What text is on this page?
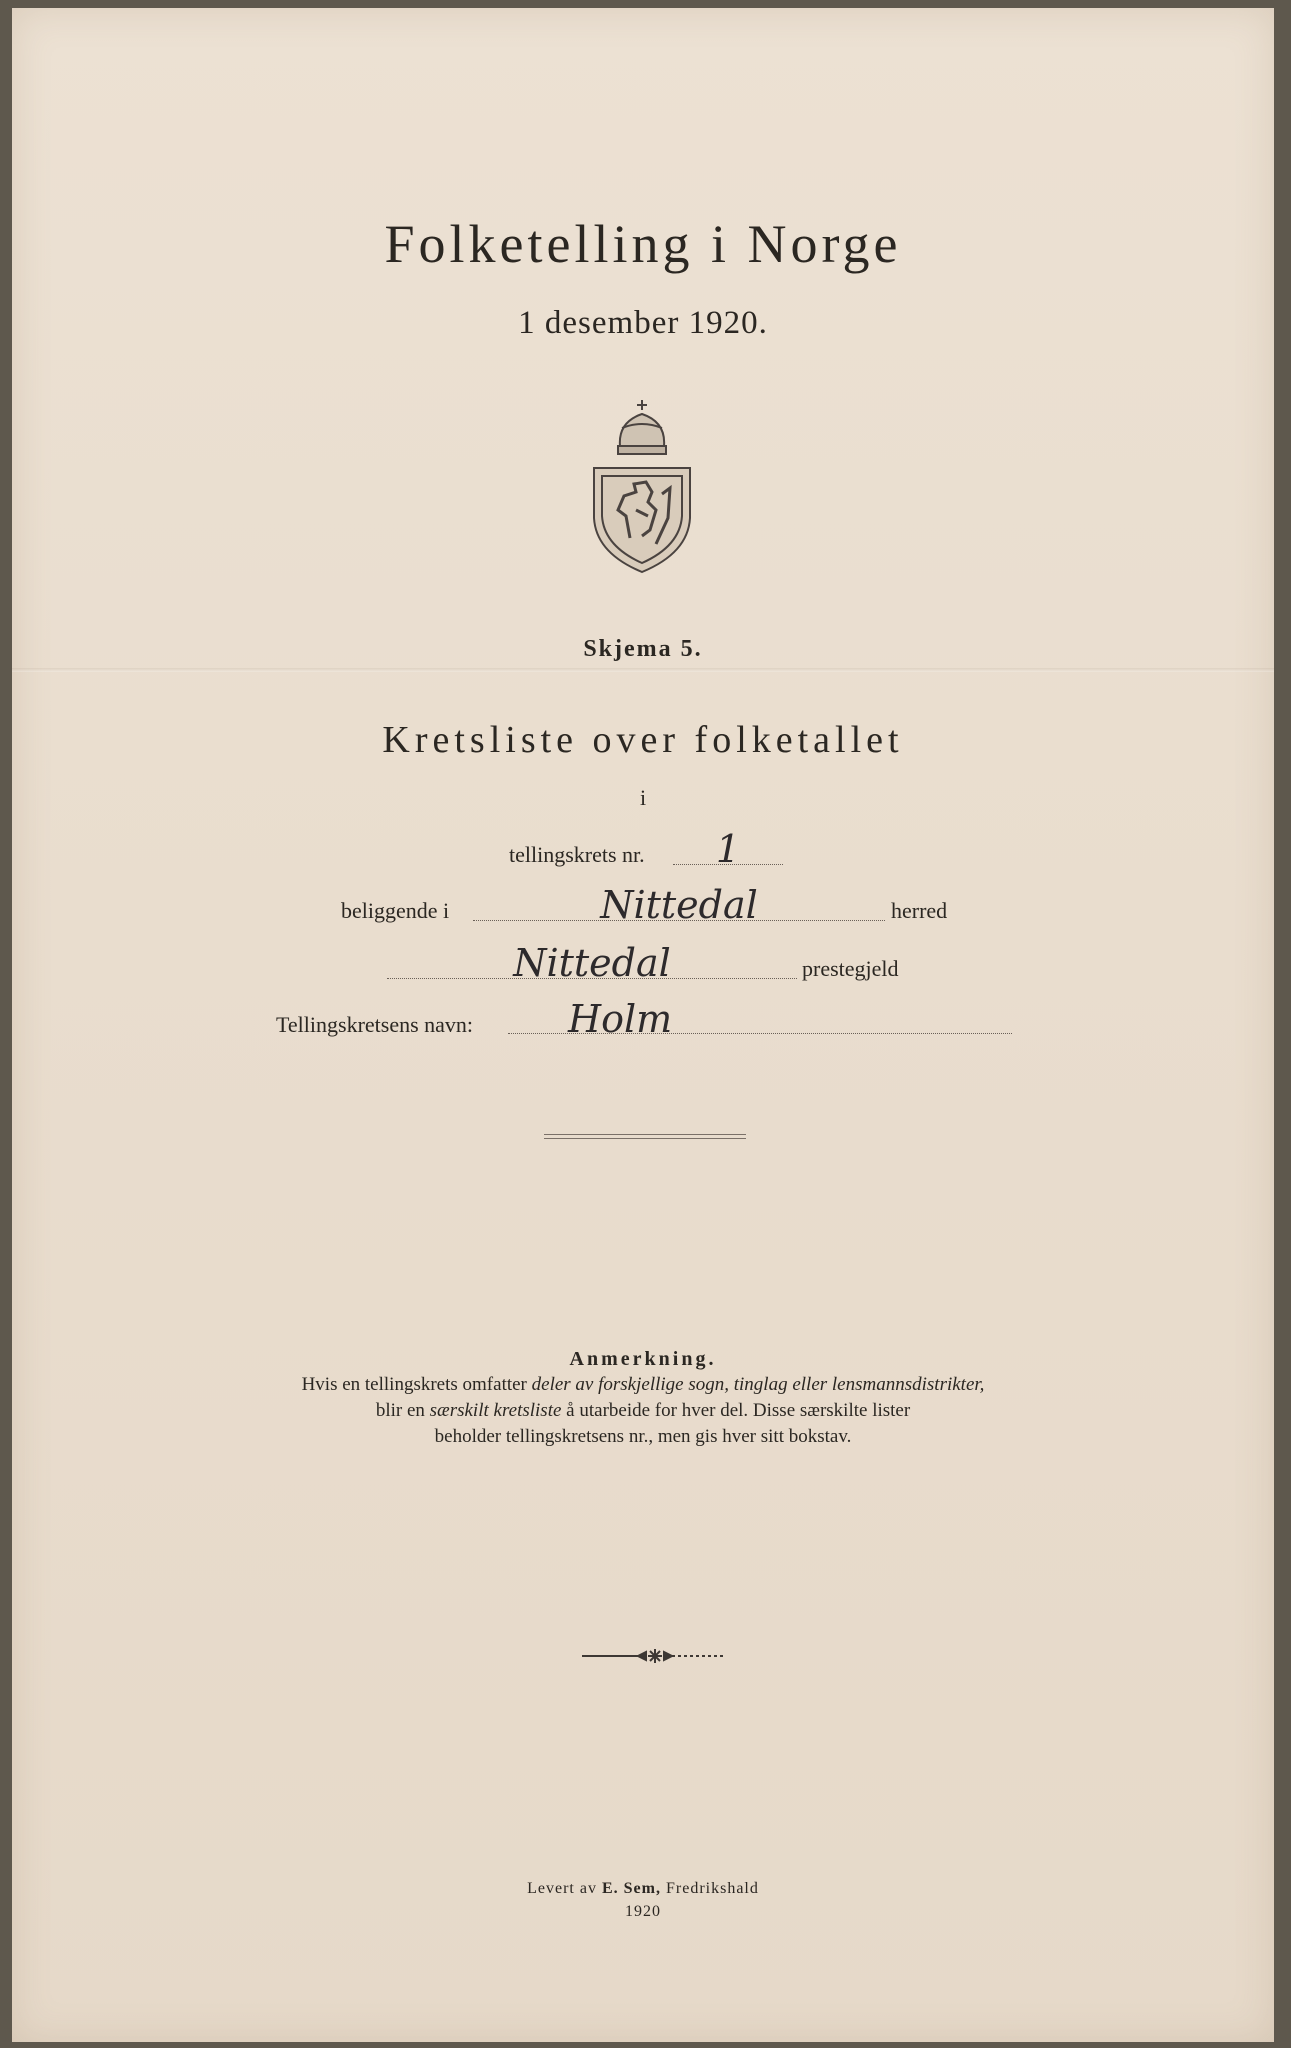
Folketelling i Norge
1 desember 1920.
Skjema 5.
Kretsliste over folketallet
i
tellingskrets nr.	1
beliggende i	Nittedal	herred
Nittedal	prestegjeld
Tellingskretsens navn:	Holm
Anmerkning.
Hvis en tellingskrets omfatter deler av forskjellige sogn, tinglag eller lensmannsdistrikter,
blir en særskilt kretsliste å utarbeide for hver del. Disse særskilte lister
beholder tellingskretsens nr., men gis hver sitt bokstav.
Levert av E. Sem, Fredrikshald
1920
